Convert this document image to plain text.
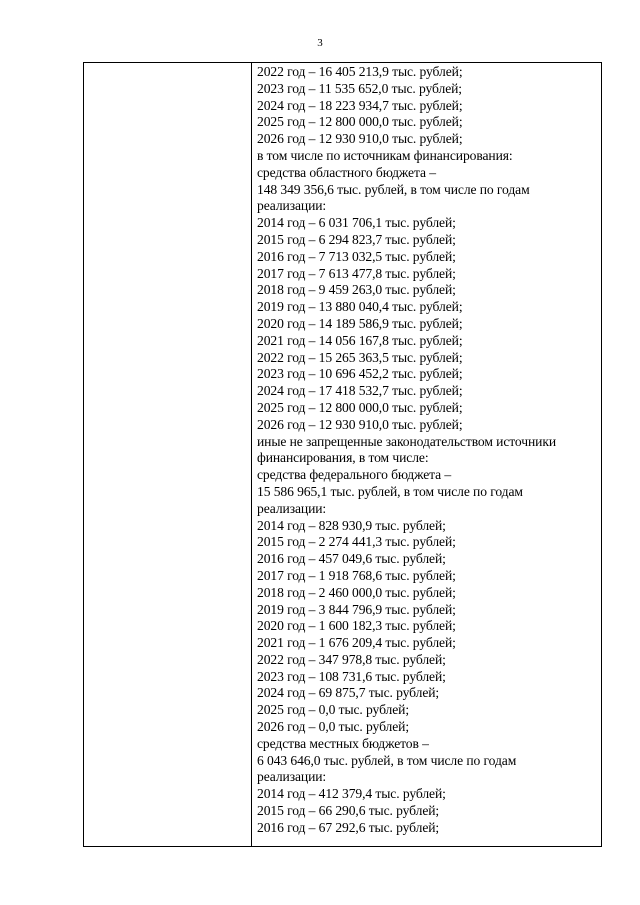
3
2022 год – 16 405 213,9 тыс. рублей;
2023 год – 11 535 652,0 тыс. рублей;
2024 год – 18 223 934,7 тыс. рублей;
2025 год – 12 800 000,0 тыс. рублей;
2026 год – 12 930 910,0 тыс. рублей;
в том числе по источникам финансирования:
средства областного бюджета –
148 349 356,6 тыс. рублей, в том числе по годам
реализации:
2014 год – 6 031 706,1 тыс. рублей;
2015 год – 6 294 823,7 тыс. рублей;
2016 год – 7 713 032,5 тыс. рублей;
2017 год – 7 613 477,8 тыс. рублей;
2018 год – 9 459 263,0 тыс. рублей;
2019 год – 13 880 040,4 тыс. рублей;
2020 год – 14 189 586,9 тыс. рублей;
2021 год – 14 056 167,8 тыс. рублей;
2022 год – 15 265 363,5 тыс. рублей;
2023 год – 10 696 452,2 тыс. рублей;
2024 год – 17 418 532,7 тыс. рублей;
2025 год – 12 800 000,0 тыс. рублей;
2026 год – 12 930 910,0 тыс. рублей;
иные не запрещенные законодательством источники
финансирования, в том числе:
средства федерального бюджета –
15 586 965,1 тыс. рублей, в том числе по годам
реализации:
2014 год – 828 930,9 тыс. рублей;
2015 год – 2 274 441,3 тыс. рублей;
2016 год – 457 049,6 тыс. рублей;
2017 год – 1 918 768,6 тыс. рублей;
2018 год – 2 460 000,0 тыс. рублей;
2019 год – 3 844 796,9 тыс. рублей;
2020 год – 1 600 182,3 тыс. рублей;
2021 год – 1 676 209,4 тыс. рублей;
2022 год – 347 978,8 тыс. рублей;
2023 год – 108 731,6 тыс. рублей;
2024 год – 69 875,7 тыс. рублей;
2025 год – 0,0 тыс. рублей;
2026 год – 0,0 тыс. рублей;
средства местных бюджетов –
6 043 646,0 тыс. рублей, в том числе по годам
реализации:
2014 год – 412 379,4 тыс. рублей;
2015 год – 66 290,6 тыс. рублей;
2016 год – 67 292,6 тыс. рублей;
